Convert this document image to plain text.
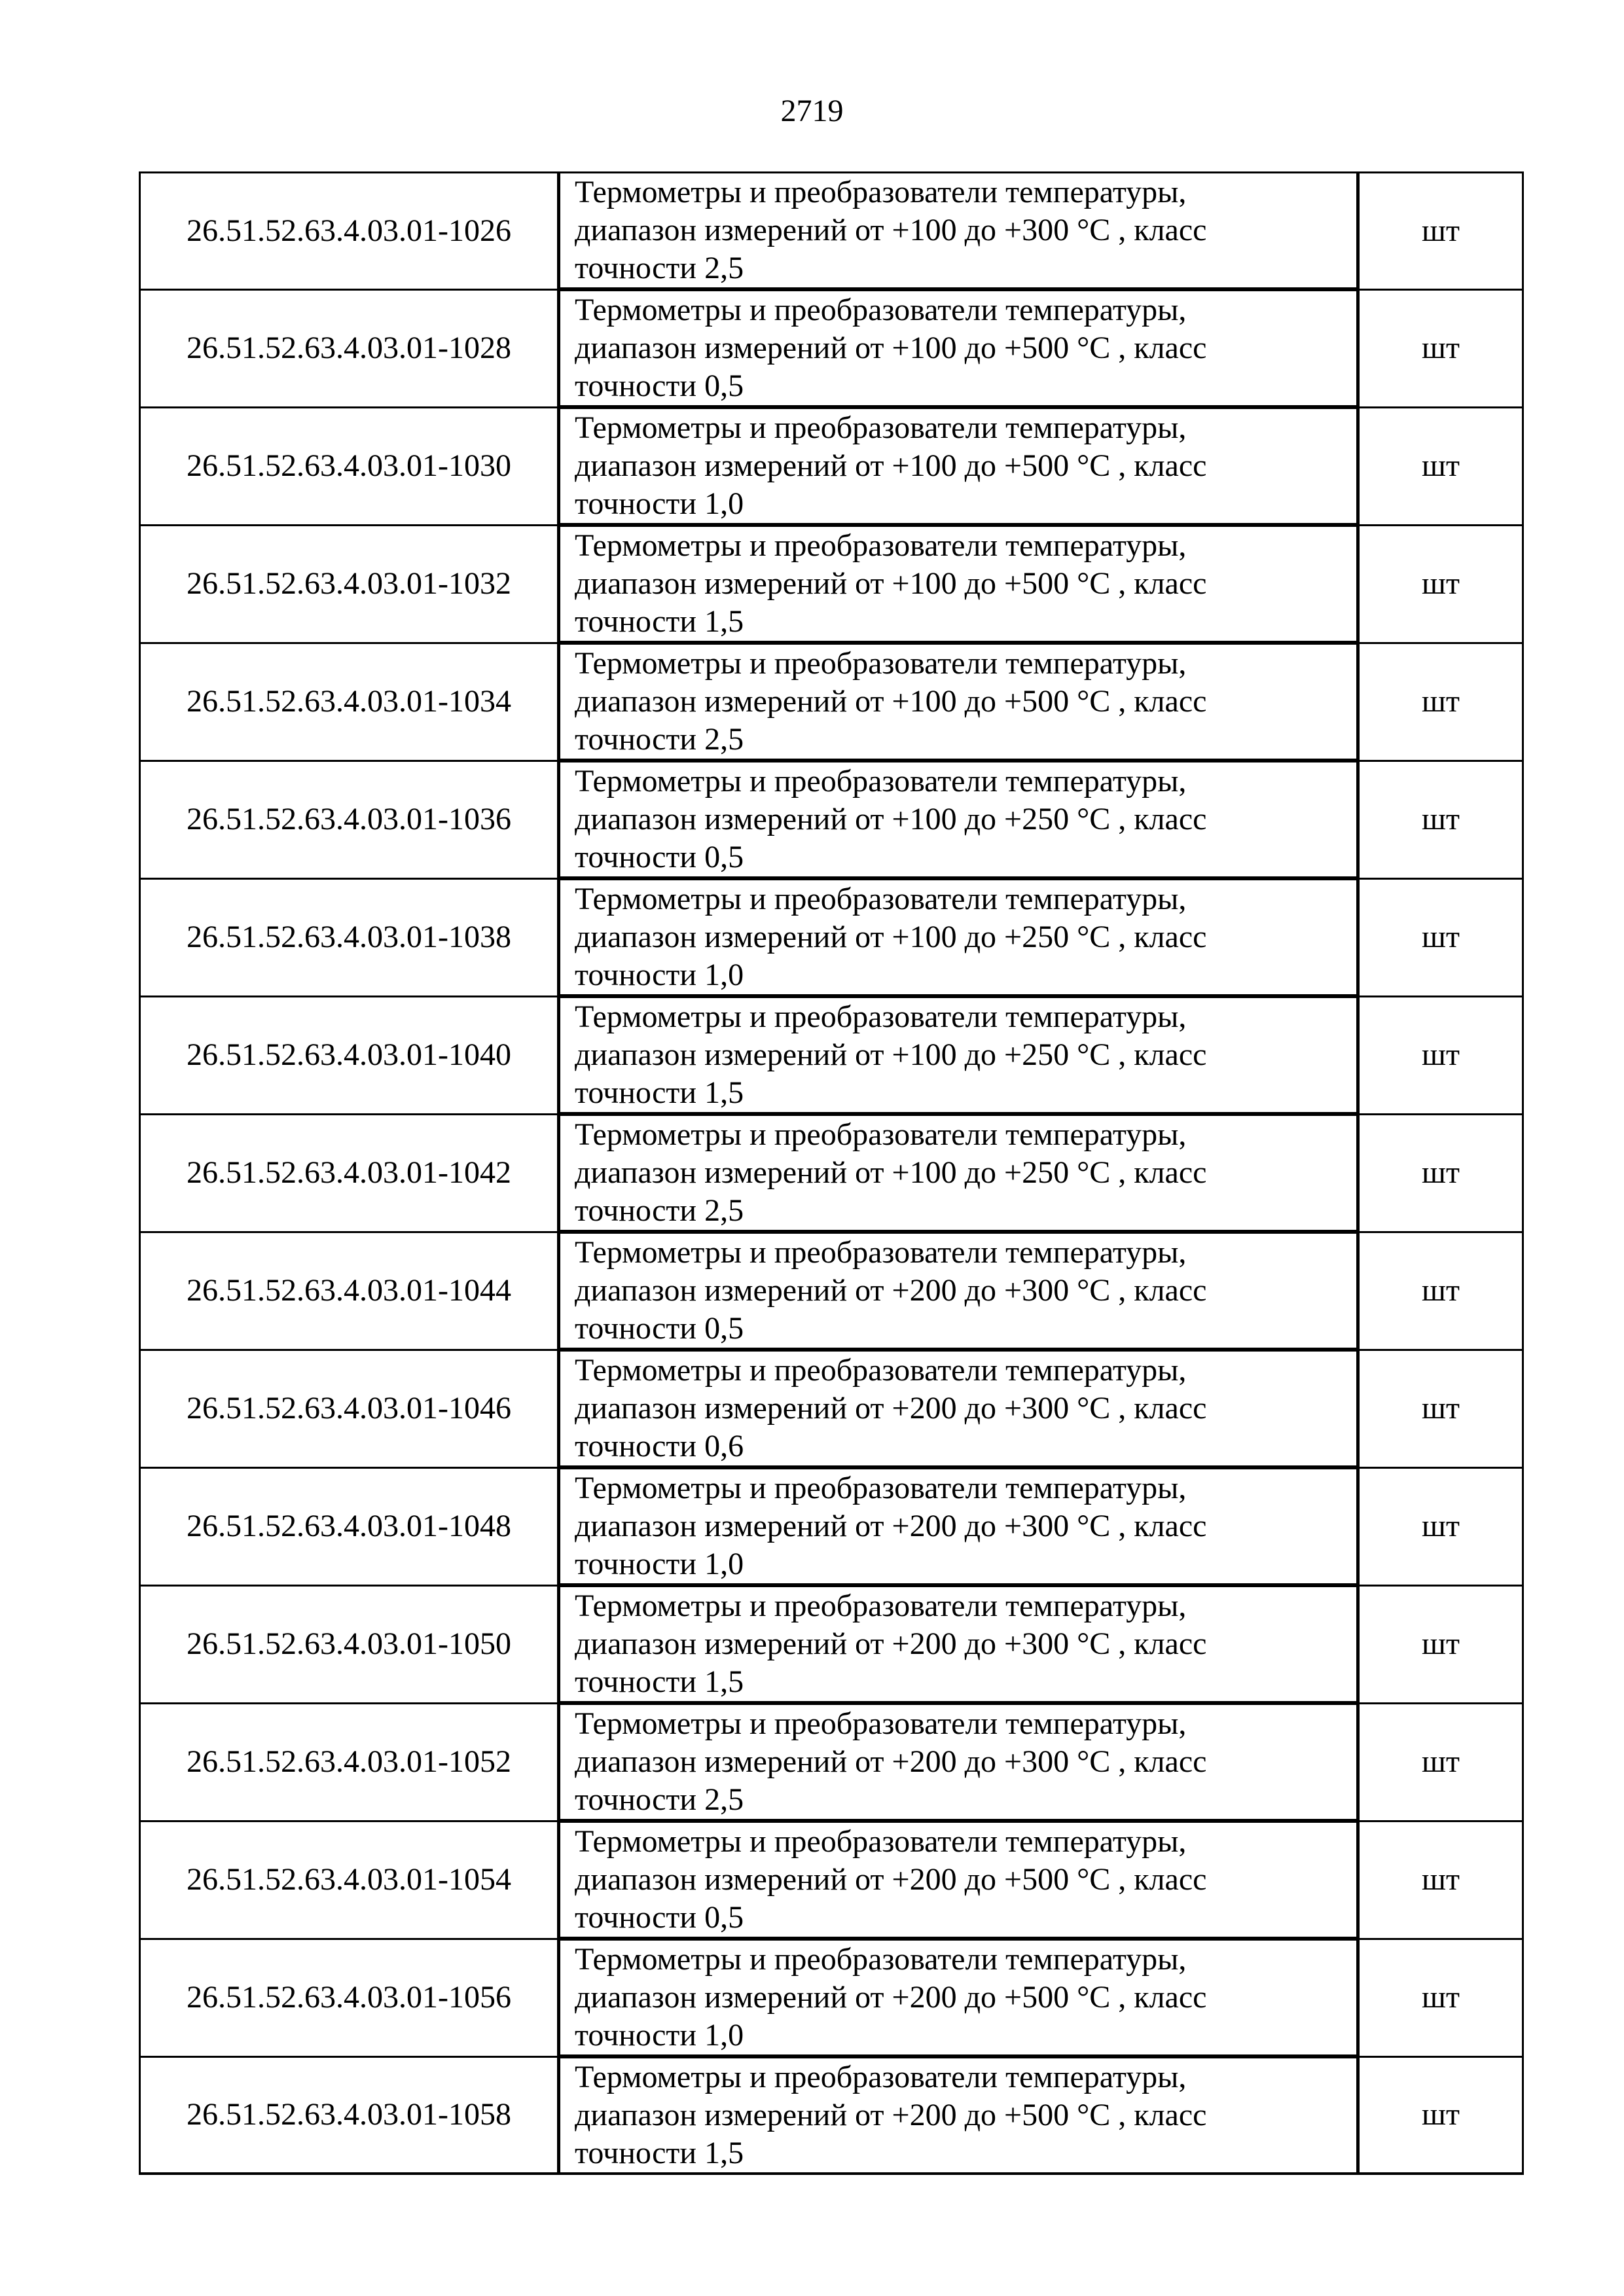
2719
26.51.52.63.4.03.01-1026	Термометры и преобразователи температуры,
диапазон измерений от +100 до +300 °С , класс
точности 2,5	шт
26.51.52.63.4.03.01-1028	Термометры и преобразователи температуры,
диапазон измерений от +100 до +500 °С , класс
точности 0,5	шт
26.51.52.63.4.03.01-1030	Термометры и преобразователи температуры,
диапазон измерений от +100 до +500 °С , класс
точности 1,0	шт
26.51.52.63.4.03.01-1032	Термометры и преобразователи температуры,
диапазон измерений от +100 до +500 °С , класс
точности 1,5	шт
26.51.52.63.4.03.01-1034	Термометры и преобразователи температуры,
диапазон измерений от +100 до +500 °С , класс
точности 2,5	шт
26.51.52.63.4.03.01-1036	Термометры и преобразователи температуры,
диапазон измерений от +100 до +250 °С , класс
точности 0,5	шт
26.51.52.63.4.03.01-1038	Термометры и преобразователи температуры,
диапазон измерений от +100 до +250 °С , класс
точности 1,0	шт
26.51.52.63.4.03.01-1040	Термометры и преобразователи температуры,
диапазон измерений от +100 до +250 °С , класс
точности 1,5	шт
26.51.52.63.4.03.01-1042	Термометры и преобразователи температуры,
диапазон измерений от +100 до +250 °С , класс
точности 2,5	шт
26.51.52.63.4.03.01-1044	Термометры и преобразователи температуры,
диапазон измерений от +200 до +300 °С , класс
точности 0,5	шт
26.51.52.63.4.03.01-1046	Термометры и преобразователи температуры,
диапазон измерений от +200 до +300 °С , класс
точности 0,6	шт
26.51.52.63.4.03.01-1048	Термометры и преобразователи температуры,
диапазон измерений от +200 до +300 °С , класс
точности 1,0	шт
26.51.52.63.4.03.01-1050	Термометры и преобразователи температуры,
диапазон измерений от +200 до +300 °С , класс
точности 1,5	шт
26.51.52.63.4.03.01-1052	Термометры и преобразователи температуры,
диапазон измерений от +200 до +300 °С , класс
точности 2,5	шт
26.51.52.63.4.03.01-1054	Термометры и преобразователи температуры,
диапазон измерений от +200 до +500 °С , класс
точности 0,5	шт
26.51.52.63.4.03.01-1056	Термометры и преобразователи температуры,
диапазон измерений от +200 до +500 °С , класс
точности 1,0	шт
26.51.52.63.4.03.01-1058	Термометры и преобразователи температуры,
диапазон измерений от +200 до +500 °С , класс
точности 1,5	шт
